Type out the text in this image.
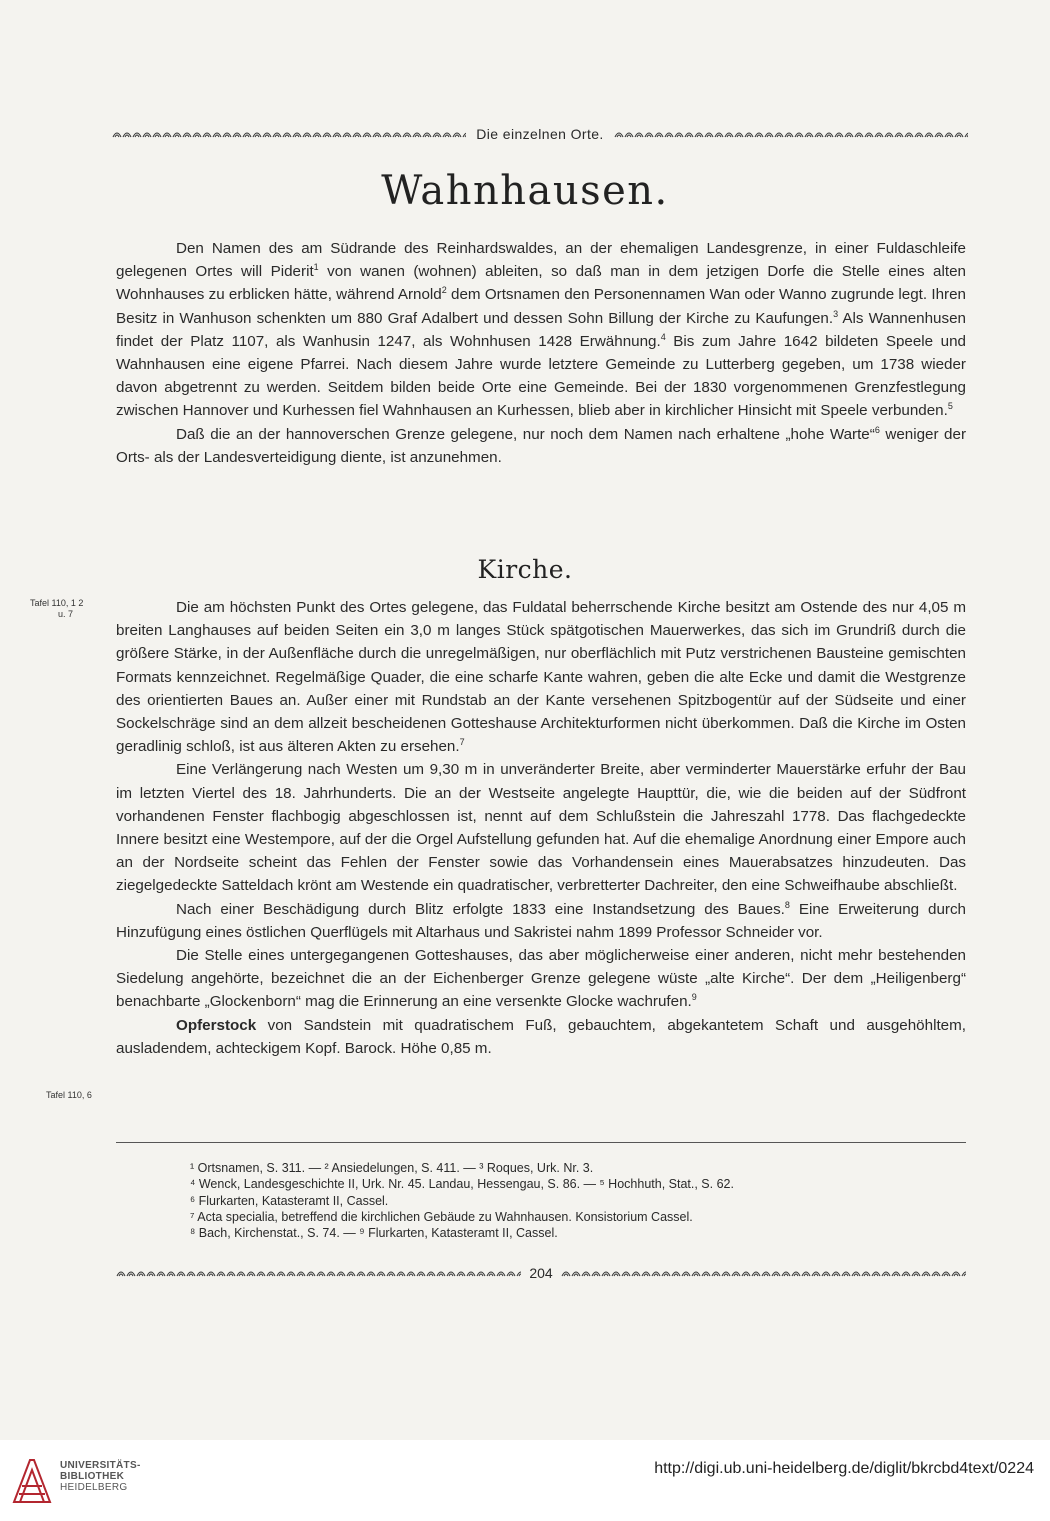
Die einzelnen Orte.
Wahnhausen.

Den Namen des am Südrande des Reinhardswaldes, an der ehemaligen Landesgrenze, in einer Fuldaschleife gelegenen Ortes will Piderit$^1$ von wanen (wohnen) ableiten, so daß man in dem jetzigen Dorfe die Stelle eines alten Wohnhauses zu erblicken hätte, während Arnold$^2$ dem Ortsnamen den Personennamen Wan oder Wanno zugrunde legt. Ihren Besitz in Wanhuson schenkten um 880 Graf Adalbert und dessen Sohn Billung der Kirche zu Kaufungen.$^3$ Als Wannenhusen findet der Platz 1107, als Wanhusin 1247, als Wohnhusen 1428 Erwähnung.$^4$ Bis zum Jahre 1642 bildeten Speele und Wahnhausen eine eigene Pfarrei. Nach diesem Jahre wurde letztere Gemeinde zu Lutterberg gegeben, um 1738 wieder davon abgetrennt zu werden. Seitdem bilden beide Orte eine Gemeinde. Bei der 1830 vorgenommenen Grenzfestlegung zwischen Hannover und Kurhessen fiel Wahnhausen an Kurhessen, blieb aber in kirchlicher Hinsicht mit Speele verbunden.$^5$

Daß die an der hannoverschen Grenze gelegene, nur noch dem Namen nach erhaltene „hohe Warte“$^6$ weniger der Orts- als der Landesverteidigung diente, ist anzunehmen.

Kirche.
Tafel 110, 1 2
u. 7	Die am höchsten Punkt des Ortes gelegene, das Fuldatal beherrschende Kirche besitzt am Ostende des nur 4,05 m breiten Langhauses auf beiden Seiten ein 3,0 m langes Stück spätgotischen Mauerwerkes, das sich im Grundriß durch die größere Stärke, in der Außenfläche durch die unregelmäßigen, nur oberflächlich mit Putz verstrichenen Bausteine gemischten Formats kennzeichnet. Regelmäßige Quader, die eine scharfe Kante wahren, geben die alte Ecke und damit die Westgrenze des orientierten Baues an. Außer einer mit Rundstab an der Kante versehenen Spitzbogentür auf der Südseite und einer Sockelschräge sind an dem allzeit bescheidenen Gotteshause Architekturformen nicht überkommen. Daß die Kirche im Osten geradlinig schloß, ist aus älteren Akten zu ersehen.$^7$

Eine Verlängerung nach Westen um 9,30 m in unveränderter Breite, aber verminderter Mauerstärke erfuhr der Bau im letzten Viertel des 18. Jahrhunderts. Die an der Westseite angelegte Haupttür, die, wie die beiden auf der Südfront vorhandenen Fenster flachbogig abgeschlossen ist, nennt auf dem Schlußstein die Jahreszahl 1778. Das flachgedeckte Innere besitzt eine Westempore, auf der die Orgel Aufstellung gefunden hat. Auf die ehemalige Anordnung einer Empore auch an der Nordseite scheint das Fehlen der Fenster sowie das Vorhandensein eines Mauerabsatzes hinzudeuten. Das ziegelgedeckte Satteldach krönt am Westende ein quadratischer, verbretterter Dachreiter, den eine Schweifhaube abschließt.

Nach einer Beschädigung durch Blitz erfolgte 1833 eine Instandsetzung des Baues.$^8$ Eine Erweiterung durch Hinzufügung eines östlichen Querflügels mit Altarhaus und Sakristei nahm 1899 Professor Schneider vor.

Die Stelle eines untergegangenen Gotteshauses, das aber möglicherweise einer anderen, nicht mehr bestehenden Siedelung angehörte, bezeichnet die an der Eichenberger Grenze gelegene wüste „alte Kirche“. Der dem „Heiligenberg“ benachbarte „Glockenborn“ mag die Erinnerung an eine versenkte Glocke wachrufen.$^9$

Opferstock von Sandstein mit quadratischem Fuß, gebauchtem, abgekantetem Schaft und ausgehöhltem, ausladendem, achteckigem Kopf. Barock. Höhe 0,85 m.

Tafel 110, 6
¹ Ortsnamen, S. 311. — ² Ansiedelungen, S. 411. — ³ Roques, Urk. Nr. 3.
⁴ Wenck, Landesgeschichte II, Urk. Nr. 45. Landau, Hessengau, S. 86. — ⁵ Hochhuth, Stat., S. 62.
⁶ Flurkarten, Katasteramt II, Cassel.
⁷ Acta specialia, betreffend die kirchlichen Gebäude zu Wahnhausen. Konsistorium Cassel.
⁸ Bach, Kirchenstat., S. 74. — ⁹ Flurkarten, Katasteramt II, Cassel.
204
UNIVERSITÄTS-
BIBLIOTHEK
HEIDELBERG
http://digi.ub.uni-heidelberg.de/diglit/bkrcbd4text/0224
